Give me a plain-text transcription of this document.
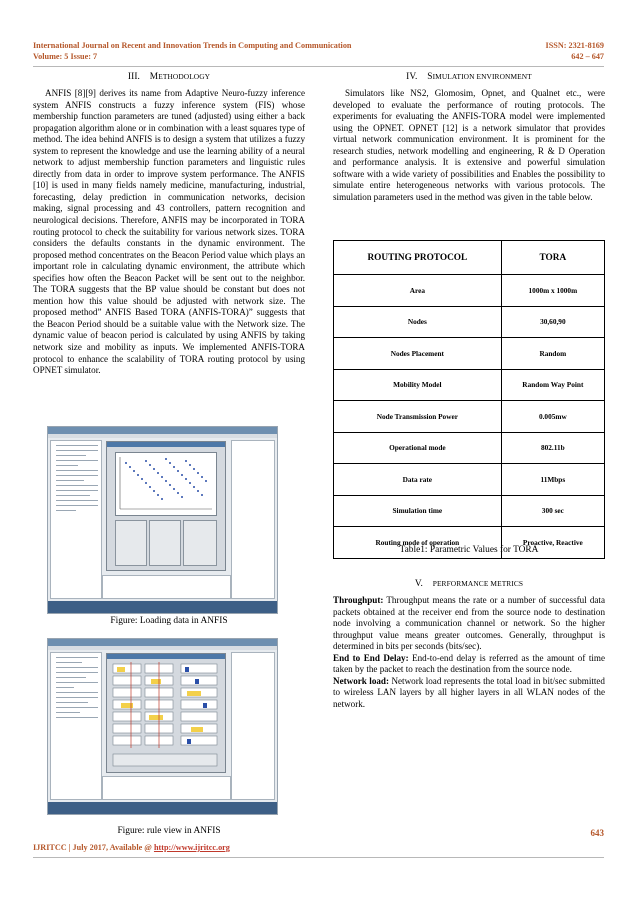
International Journal on Recent and Innovation Trends in Computing and Communication	ISSN: 2321-8169
Volume: 5 Issue: 7	642 – 647
III. METHODOLOGY

ANFIS [8][9] derives its name from Adaptive Neuro-fuzzy inference system ANFIS constructs a fuzzy inference system (FIS) whose membership function parameters are tuned (adjusted) using either a back propagation algorithm alone or in combination with a least squares type of method. The idea behind ANFIS is to design a system that utilizes a fuzzy system to represent the knowledge and use the learning ability of a neural network to adjust membership function parameters and linguistic rules directly from data in order to improve system performance. The ANFIS [10] is used in many fields namely medicine, manufacturing, industrial, forecasting, delay prediction in communication networks, decision making, signal processing and 43 controllers, pattern recognition and neurological decisions. Therefore, ANFIS may be incorporated in TORA routing protocol to check the suitability for various network sizes. TORA considers the defaults constants in the dynamic environment. The proposed method concentrates on the Beacon Period value which plays an important role in calculating dynamic environment, the attribute which specifies how often the Beacon Packet will be sent out to the neighbor. The TORA suggests that the BP value should be constant but does not mention how this value should be adjusted with network size. The proposed method” ANFIS Based TORA (ANFIS-TORA)” suggests that the Beacon Period should be a suitable value with the Network size. The dynamic value of beacon period is calculated by using ANFIS by taking network size and mobility as inputs. We implemented ANFIS-TORA protocol to enhance the scalability of TORA routing protocol by using OPNET simulator.

Figure: Loading data in ANFIS
Figure: rule view in ANFIS
IV. SIMULATION ENVIRONMENT

Simulators like NS2, Glomosim, Opnet, and Qualnet etc., were developed to evaluate the performance of routing protocols. The experiments for evaluating the ANFIS-TORA model were implemented using the OPNET. OPNET [12] is a network simulator that provides virtual network communication environment. It is prominent for the research studies, network modelling and engineering, R & D Operation and performance analysis. It is extensive and powerful simulation software with a wide variety of possibilities and Enables the possibility to simulate entire heterogeneous networks with various protocols. The simulation parameters used in the method was given in the table below.

ROUTING PROTOCOL	TORA
Area	1000m x 1000m
Nodes	30,60,90
Nodes Placement	Random
Mobility Model	Random Way Point
Node Transmission Power	0.005mw
Operational mode	802.11b
Data rate	11Mbps
Simulation time	300 sec
Routing mode of operation	Proactive, Reactive
Table1: Parametric Values for TORA
V. PERFORMANCE METRICS

Throughput: Throughput means the rate or a number of successful data packets obtained at the receiver end from the source node to destination node involving a communication channel or network. So the higher throughput value means greater outcomes. Generally, throughput is determined in bits per seconds (bits/sec).

End to End Delay: End-to-end delay is referred as the amount of time taken by the packet to reach the destination from the source node.

Network load: Network load represents the total load in bit/sec submitted to wireless LAN layers by all higher layers in all WLAN nodes of the network.

643
IJRITCC | July 2017, Available @ http://www.ijritcc.org
